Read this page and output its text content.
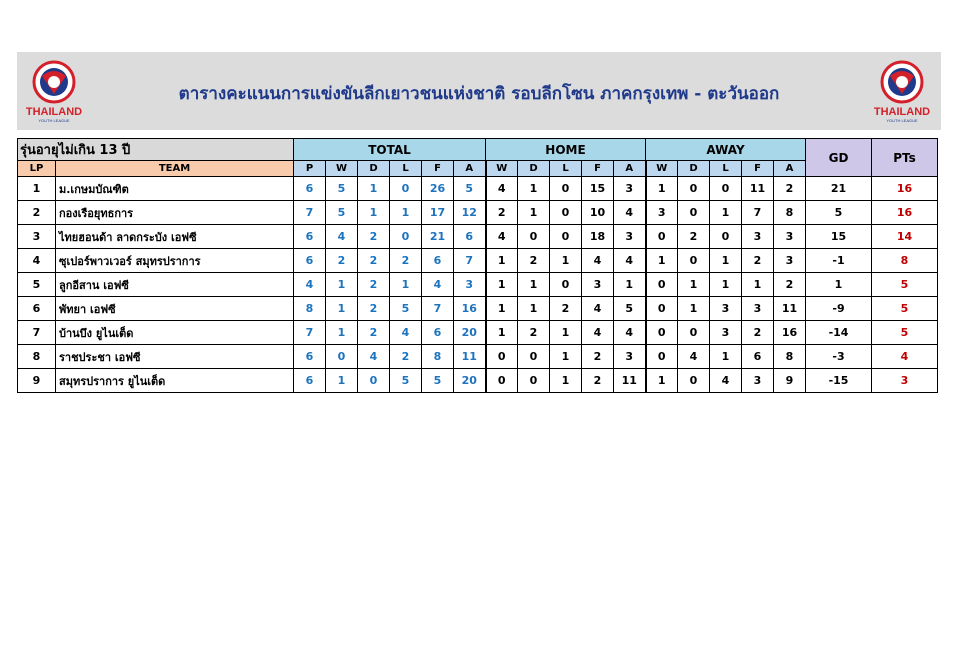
THAILAND
YOUTH LEAGUE
ตารางคะแนนการแข่งขันลีกเยาวชนแห่งชาติ รอบลีกโซน ภาคกรุงเทพ - ตะวันออก
THAILAND
YOUTH LEAGUE
รุ่นอายุไม่เกิน 13 ปี		TOTAL						HOME					AWAY					GD	PTs
LP	TEAM	P	W	D	L	F	A	W	D	L	F	A	W	D	L	F	A		
1	ม.เกษมบัณฑิต	6	5	1	0	26	5	4	1	0	15	3	1	0	0	11	2	21	16
2	กองเรือยุทธการ	7	5	1	1	17	12	2	1	0	10	4	3	0	1	7	8	5	16
3	ไทยฮอนด้า ลาดกระบัง เอฟซี	6	4	2	0	21	6	4	0	0	18	3	0	2	0	3	3	15	14
4	ซุเปอร์พาวเวอร์ สมุทรปราการ	6	2	2	2	6	7	1	2	1	4	4	1	0	1	2	3	-1	8
5	ลูกอีสาน เอฟซี	4	1	2	1	4	3	1	1	0	3	1	0	1	1	1	2	1	5
6	พัทยา เอฟซี	8	1	2	5	7	16	1	1	2	4	5	0	1	3	3	11	-9	5
7	บ้านบึง ยูไนเต็ด	7	1	2	4	6	20	1	2	1	4	4	0	0	3	2	16	-14	5
8	ราชประชา เอฟซี	6	0	4	2	8	11	0	0	1	2	3	0	4	1	6	8	-3	4
9	สมุทรปราการ ยูไนเต็ด	6	1	0	5	5	20	0	0	1	2	11	1	0	4	3	9	-15	3
